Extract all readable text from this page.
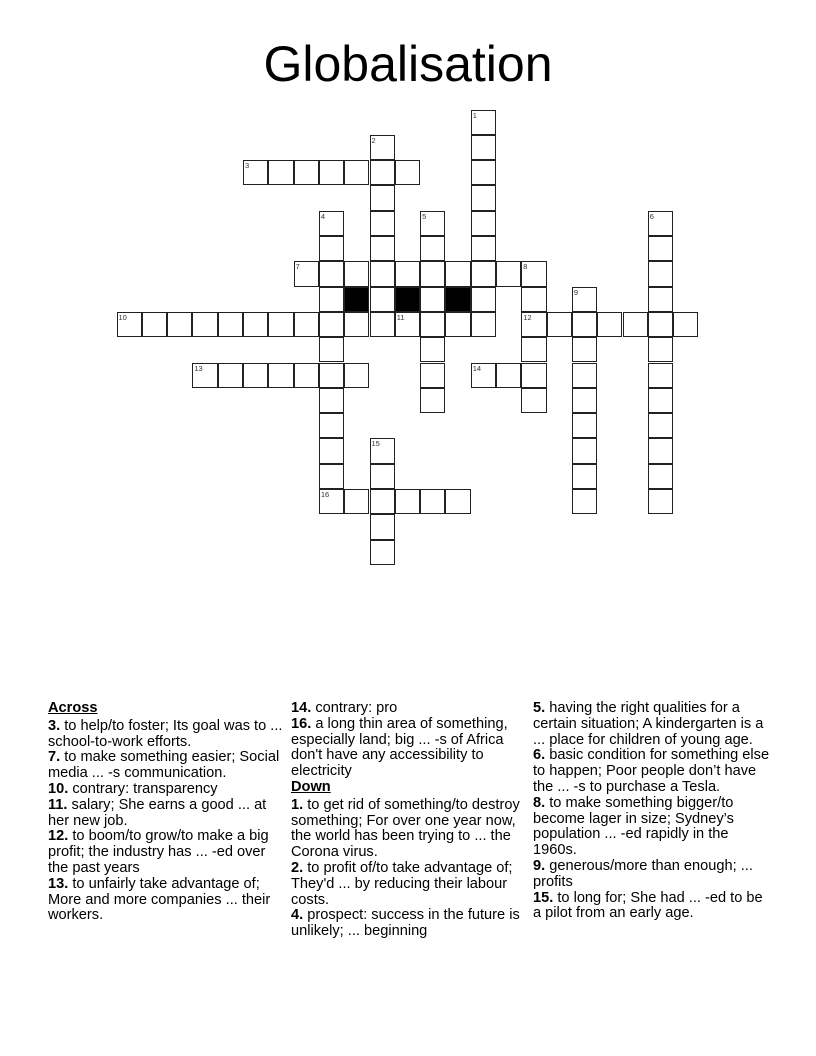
Globalisation
1
2
3
4
16
5	6
7	8
12
9
10	11
13	14
15
Across

3. to help/to foster; Its goal was to ... school-to-work efforts.

7. to make something easier; Social media ... -s communication.

10. contrary: transparency

11. salary; She earns a good ... at her new job.

12. to boom/to grow/to make a big profit; the industry has ... -ed over the past years

13. to unfairly take advantage of; More and more companies ... their workers.

14. contrary: pro

16. a long thin area of something, especially land; big ... -s of Africa don't have any accessibility to electricity

Down

1. to get rid of something/to destroy something; For over one year now, the world has been trying to ... the Corona virus.

2. to profit of/to take advantage of; They'd ... by reducing their labour costs.

4. prospect: success in the future is unlikely; ... beginning

5. having the right qualities for a certain situation; A kindergarten is a ... place for children of young age.

6. basic condition for something else to happen; Poor people don’t have the ... -s to purchase a Tesla.

8. to make something bigger/to become lager in size; Sydney’s population ... -ed rapidly in the 1960s.

9. generous/more than enough; ... profits

15. to long for; She had ... -ed to be a pilot from an early age.
